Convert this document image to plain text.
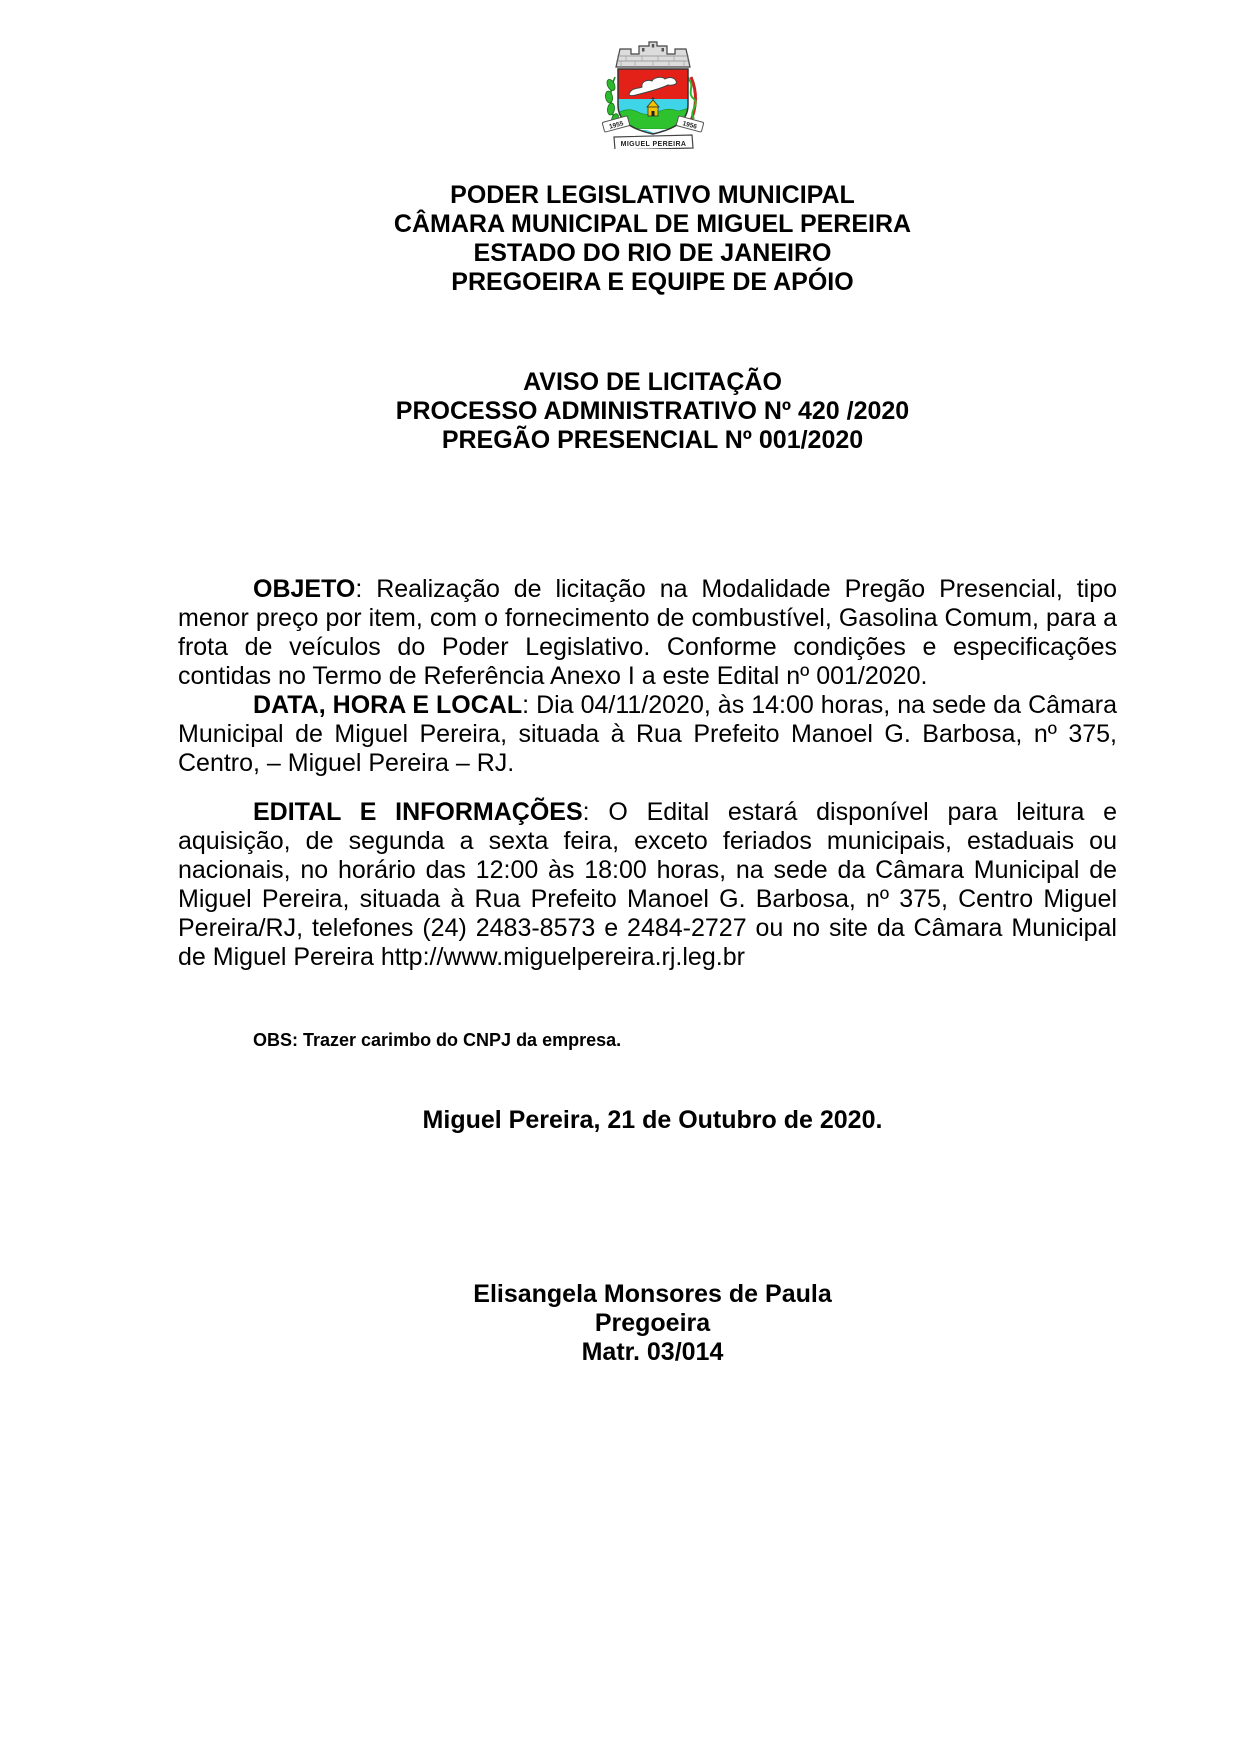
1955	1956
MIGUEL PEREIRA
PODER LEGISLATIVO MUNICIPAL
CÂMARA MUNICIPAL DE MIGUEL PEREIRA
ESTADO DO RIO DE JANEIRO
PREGOEIRA E EQUIPE DE APÓIO
AVISO DE LICITAÇÃO
PROCESSO ADMINISTRATIVO Nº 420 /2020
PREGÃO PRESENCIAL Nº 001/2020

OBJETO: Realização de licitação na Modalidade Pregão Presencial, tipo menor preço por item, com o fornecimento de combustível, Gasolina Comum, para a frota de veículos do Poder Legislativo. Conforme condições e especificações contidas no Termo de Referência Anexo I a este Edital nº 001/2020.

DATA, HORA E LOCAL: Dia 04/11/2020, às 14:00 horas, na sede da Câmara Municipal de Miguel Pereira, situada à Rua Prefeito Manoel G. Barbosa, nº 375, Centro, – Miguel Pereira – RJ.

EDITAL E INFORMAÇÕES: O Edital estará disponível para leitura e aquisição, de segunda a sexta feira, exceto feriados municipais, estaduais ou nacionais, no horário das 12:00 às 18:00 horas, na sede da Câmara Municipal de Miguel Pereira, situada à Rua Prefeito Manoel G. Barbosa, nº 375, Centro Miguel Pereira/RJ, telefones (24) 2483-8573 e 2484-2727 ou no site da Câmara Municipal de Miguel Pereira http://www.miguelpereira.rj.leg.br

OBS: Trazer carimbo do CNPJ da empresa.

Miguel Pereira, 21 de Outubro de 2020.
Elisangela Monsores de Paula
Pregoeira
Matr. 03/014
